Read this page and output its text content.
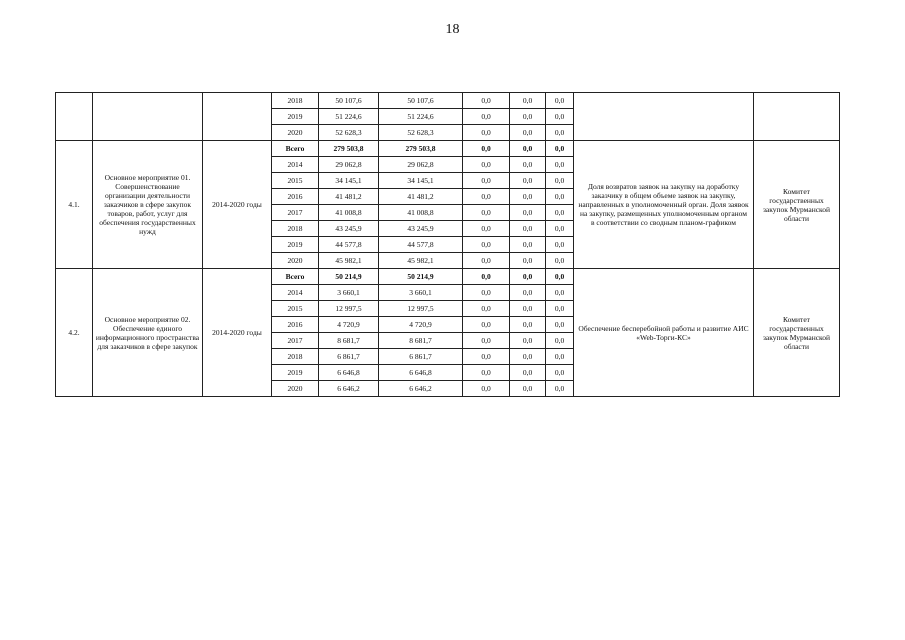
18
			2018	50 107,6	50 107,6	0,0	0,0	0,0		
			2019	51 224,6	51 224,6	0,0	0,0	0,0		
			2020	52 628,3	52 628,3	0,0	0,0	0,0		
4.1.	Основное мероприятие 01. Совершенствование организации деятельности заказчиков в сфере закупок товаров, работ, услуг для обеспечения государственных нужд	2014-2020 годы	Всего	279 503,8	279 503,8	0,0	0,0	0,0	Доля возвратов заявок на закупку на доработку заказчику в общем объеме заявок на закупку, направленных в уполномоченный орган. Доля заявок на закупку, размещенных уполномоченным органом в соответствии со сводным планом-графиком	Комитет государственных закупок Мурманской области
			2014	29 062,8	29 062,8	0,0	0,0	0,0		
			2015	34 145,1	34 145,1	0,0	0,0	0,0		
			2016	41 481,2	41 481,2	0,0	0,0	0,0		
			2017	41 008,8	41 008,8	0,0	0,0	0,0		
			2018	43 245,9	43 245,9	0,0	0,0	0,0		
			2019	44 577,8	44 577,8	0,0	0,0	0,0		
			2020	45 982,1	45 982,1	0,0	0,0	0,0		
4.2.	Основное мероприятие 02. Обеспечение единого информационного пространства для заказчиков в сфере закупок	2014-2020 годы	Всего	50 214,9	50 214,9	0,0	0,0	0,0	Обеспечение бесперебойной работы и развитие АИС «Web-Торги-КС»	Комитет государственных закупок Мурманской области
			2014	3 660,1	3 660,1	0,0	0,0	0,0		
			2015	12 997,5	12 997,5	0,0	0,0	0,0		
			2016	4 720,9	4 720,9	0,0	0,0	0,0		
			2017	8 681,7	8 681,7	0,0	0,0	0,0		
			2018	6 861,7	6 861,7	0,0	0,0	0,0		
			2019	6 646,8	6 646,8	0,0	0,0	0,0		
			2020	6 646,2	6 646,2	0,0	0,0	0,0		
